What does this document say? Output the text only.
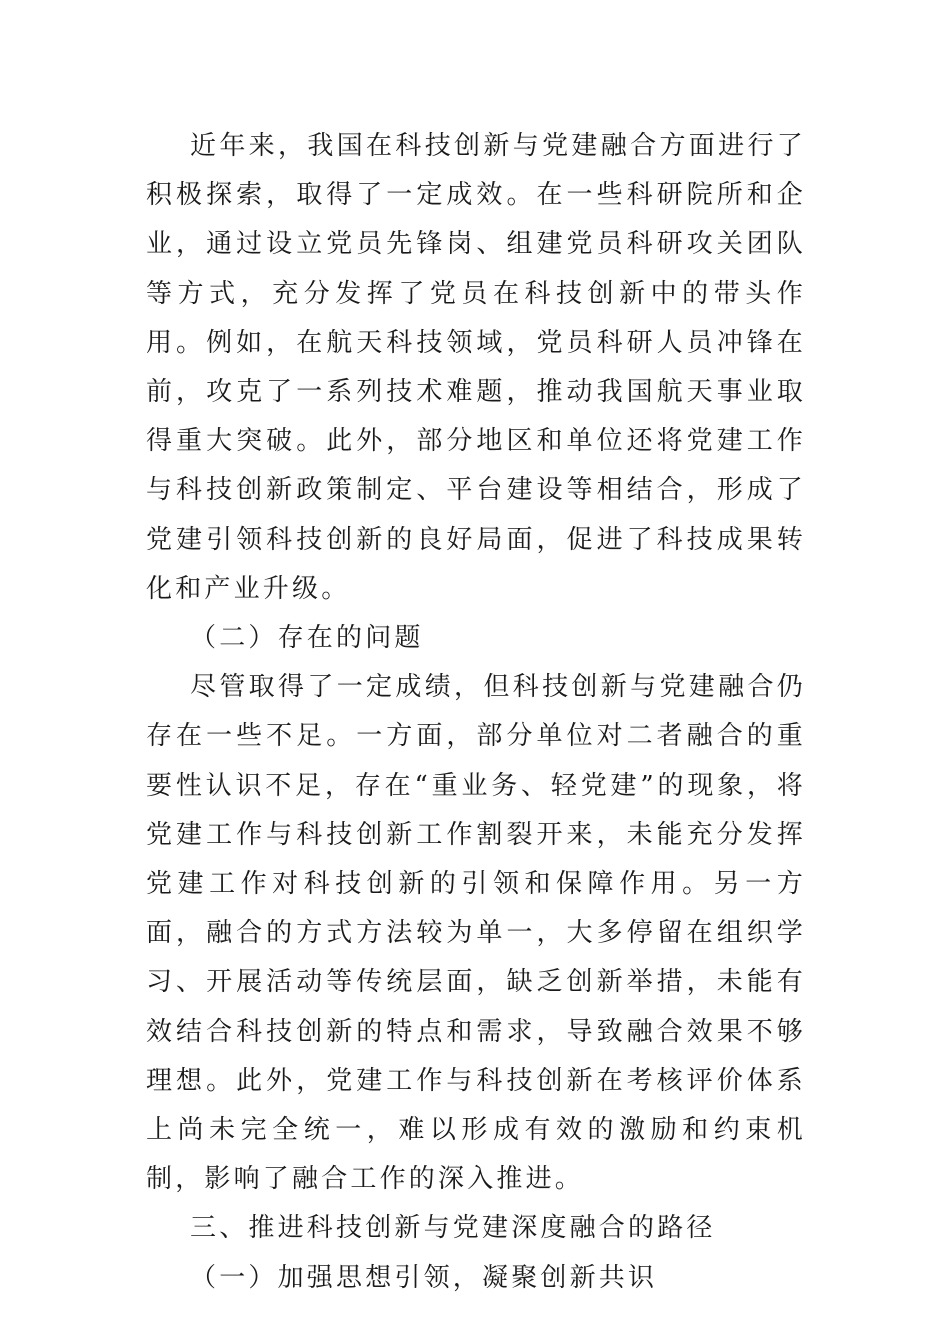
近年来，我国在科技创新与党建融合方面进行了积极探索，取得了一定成效。在一些科研院所和企业，通过设立党员先锋岗、组建党员科研攻关团队等方式，充分发挥了党员在科技创新中的带头作用。例如，在航天科技领域，党员科研人员冲锋在前，攻克了一系列技术难题，推动我国航天事业取得重大突破。此外，部分地区和单位还将党建工作与科技创新政策制定、平台建设等相结合，形成了党建引领科技创新的良好局面，促进了科技成果转化和产业升级。

（二）存在的问题

尽管取得了一定成绩，但科技创新与党建融合仍存在一些不足。一方面，部分单位对二者融合的重要性认识不足，存在“重业务、轻党建”的现象，将党建工作与科技创新工作割裂开来，未能充分发挥党建工作对科技创新的引领和保障作用。另一方面，融合的方式方法较为单一，大多停留在组织学习、开展活动等传统层面，缺乏创新举措，未能有效结合科技创新的特点和需求，导致融合效果不够理想。此外，党建工作与科技创新在考核评价体系上尚未完全统一，难以形成有效的激励和约束机制，影响了融合工作的深入推进。

三、推进科技创新与党建深度融合的路径

（一）加强思想引领，凝聚创新共识
